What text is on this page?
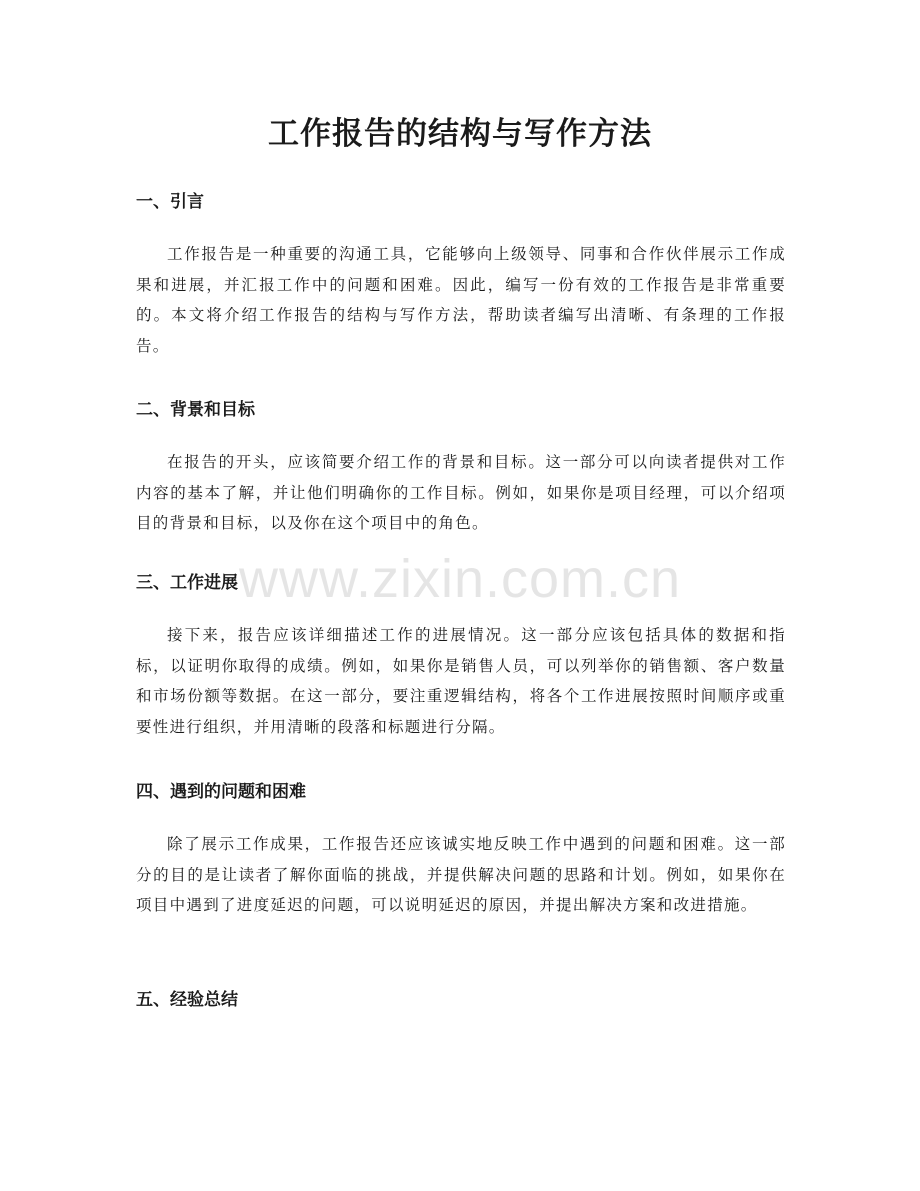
工作报告的结构与写作方法
一、引言

工作报告是一种重要的沟通工具，它能够向上级领导、同事和合作伙伴展示工作成果和进展，并汇报工作中的问题和困难。因此，编写一份有效的工作报告是非常重要的。本文将介绍工作报告的结构与写作方法，帮助读者编写出清晰、有条理的工作报告。

二、背景和目标

在报告的开头，应该简要介绍工作的背景和目标。这一部分可以向读者提供对工作内容的基本了解，并让他们明确你的工作目标。例如，如果你是项目经理，可以介绍项目的背景和目标，以及你在这个项目中的角色。

三、工作进展

接下来，报告应该详细描述工作的进展情况。这一部分应该包括具体的数据和指标，以证明你取得的成绩。例如，如果你是销售人员，可以列举你的销售额、客户数量和市场份额等数据。在这一部分，要注重逻辑结构，将各个工作进展按照时间顺序或重要性进行组织，并用清晰的段落和标题进行分隔。

四、遇到的问题和困难

除了展示工作成果，工作报告还应该诚实地反映工作中遇到的问题和困难。这一部分的目的是让读者了解你面临的挑战，并提供解决问题的思路和计划。例如，如果你在项目中遇到了进度延迟的问题，可以说明延迟的原因，并提出解决方案和改进措施。

五、经验总结
www.zixin.com.cn
